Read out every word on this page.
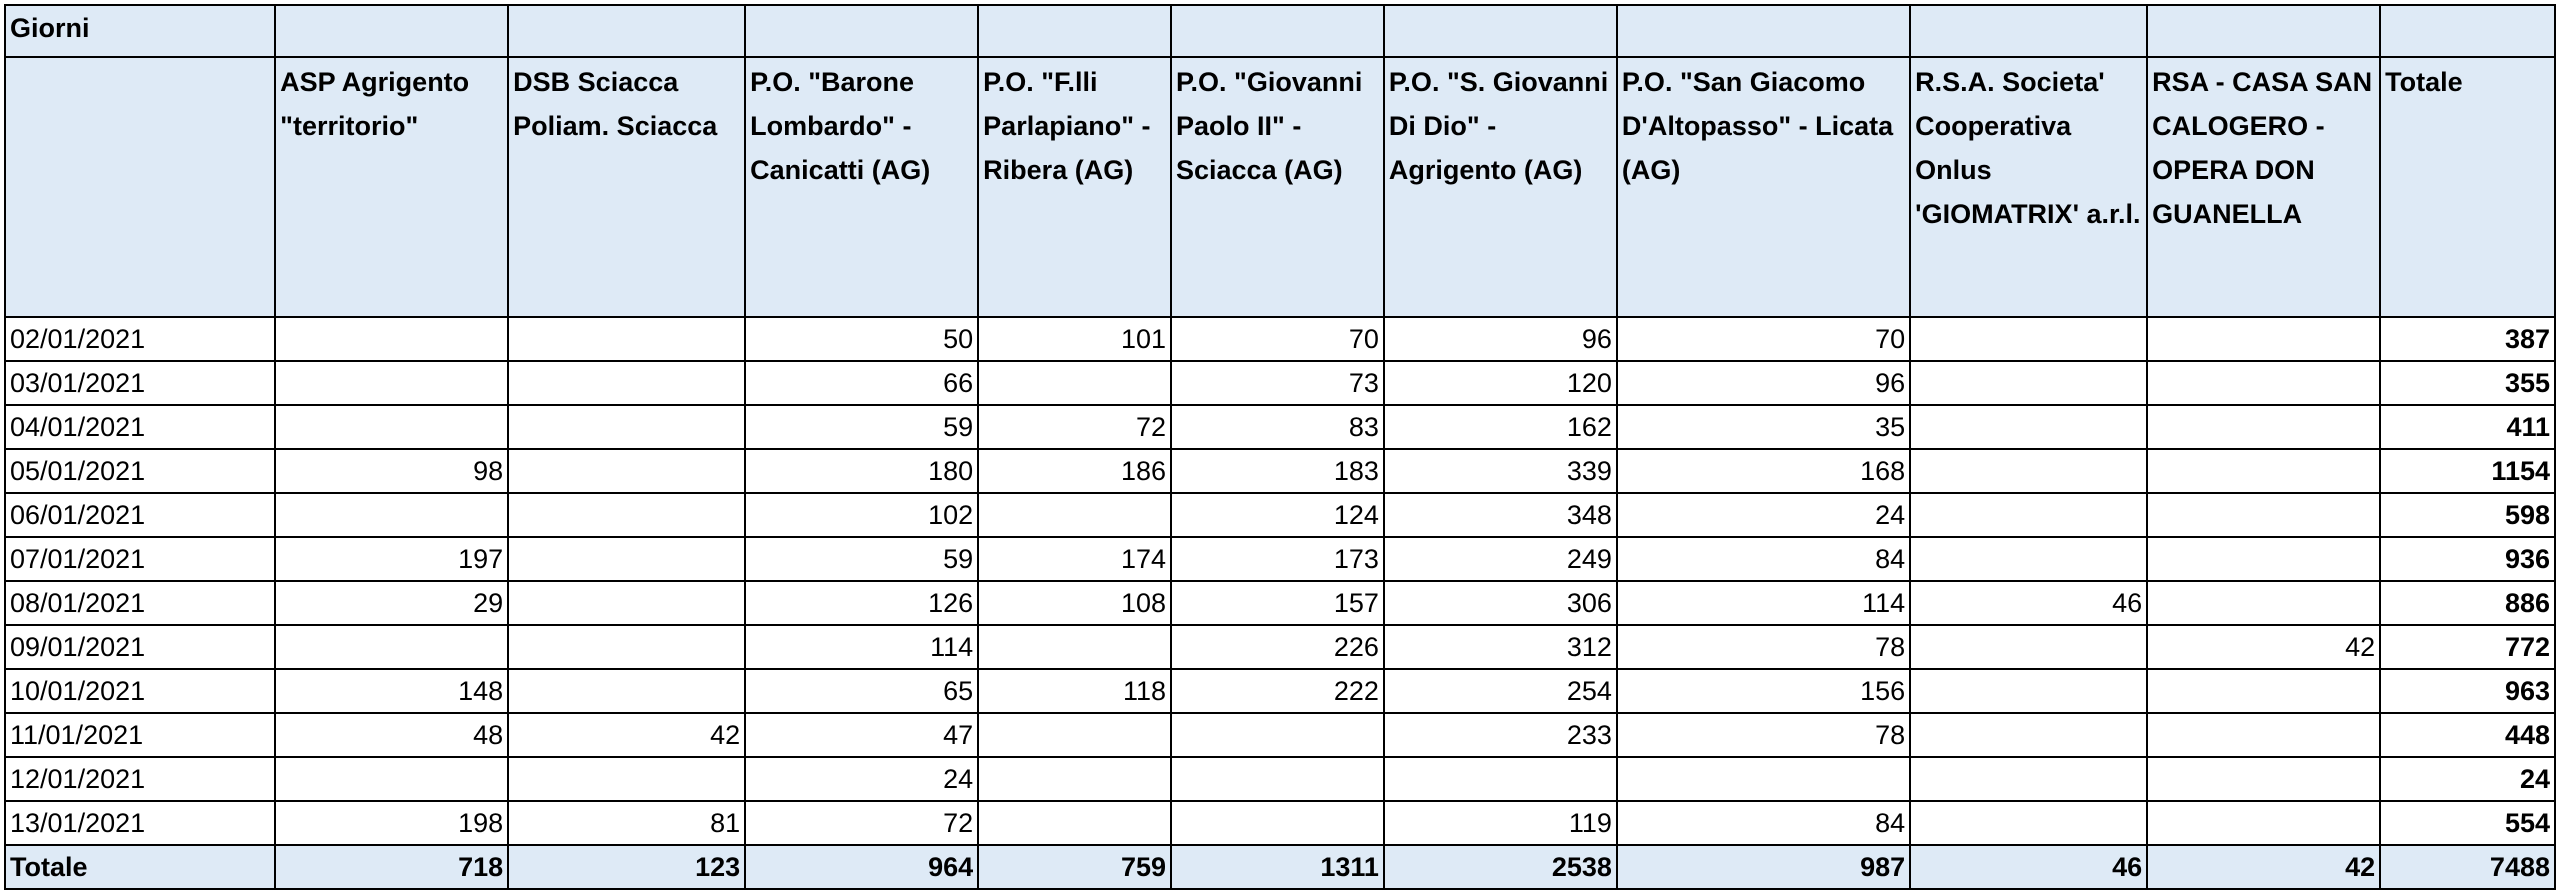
Giorni										
	ASP Agrigento "territorio"	DSB Sciacca Poliam. Sciacca	P.O. "Barone Lombardo" - Canicatti (AG)	P.O. "F.lli Parlapiano" - Ribera (AG)	P.O. "Giovanni Paolo II" - Sciacca (AG)	P.O. "S. Giovanni Di Dio" - Agrigento (AG)	P.O. "San Giacomo D'Altopasso" - Licata (AG)	R.S.A. Societa' Cooperativa Onlus 'GIOMATRIX' a.r.l.	RSA - CASA SAN CALOGERO - OPERA DON GUANELLA	Totale
02/01/2021			50	101	70	96	70			387
03/01/2021			66		73	120	96			355
04/01/2021			59	72	83	162	35			411
05/01/2021	98		180	186	183	339	168			1154
06/01/2021			102		124	348	24			598
07/01/2021	197		59	174	173	249	84			936
08/01/2021	29		126	108	157	306	114	46		886
09/01/2021			114		226	312	78		42	772
10/01/2021	148		65	118	222	254	156			963
11/01/2021	48	42	47			233	78			448
12/01/2021			24							24
13/01/2021	198	81	72			119	84			554
Totale	718	123	964	759	1311	2538	987	46	42	7488
